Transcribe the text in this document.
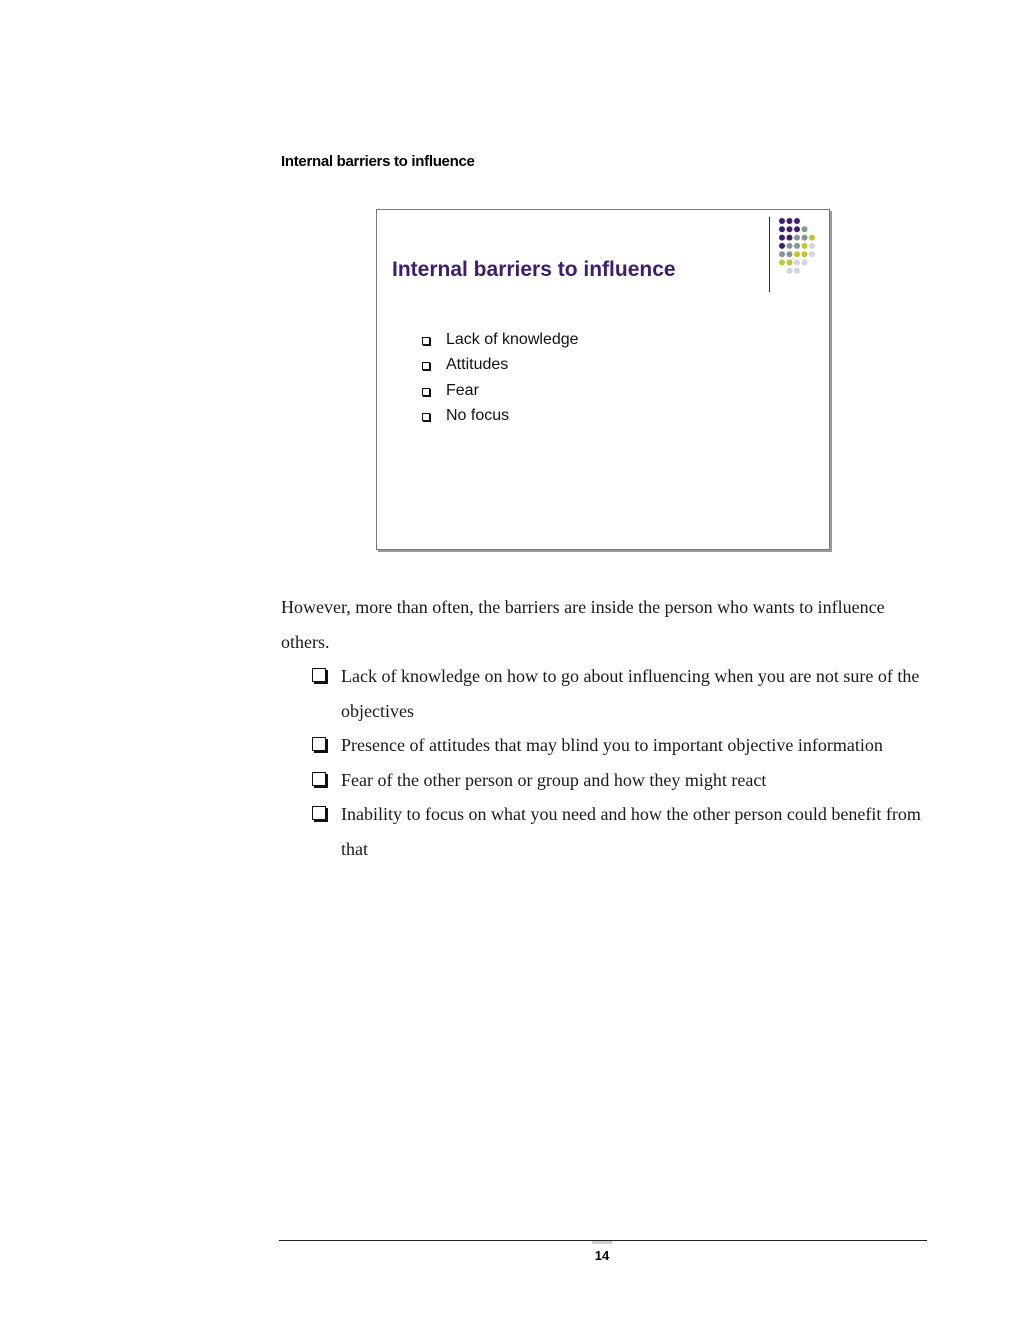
Internal barriers to influence
Internal barriers to influence
Lack of knowledge
Attitudes
Fear
No focus

However, more than often, the barriers are inside the person who wants to influence others.

Lack of knowledge on how to go about influencing when you are not sure of the objectives
Presence of attitudes that may blind you to important objective information
Fear of the other person or group and how they might react
Inability to focus on what you need and how the other person could benefit from that
14
